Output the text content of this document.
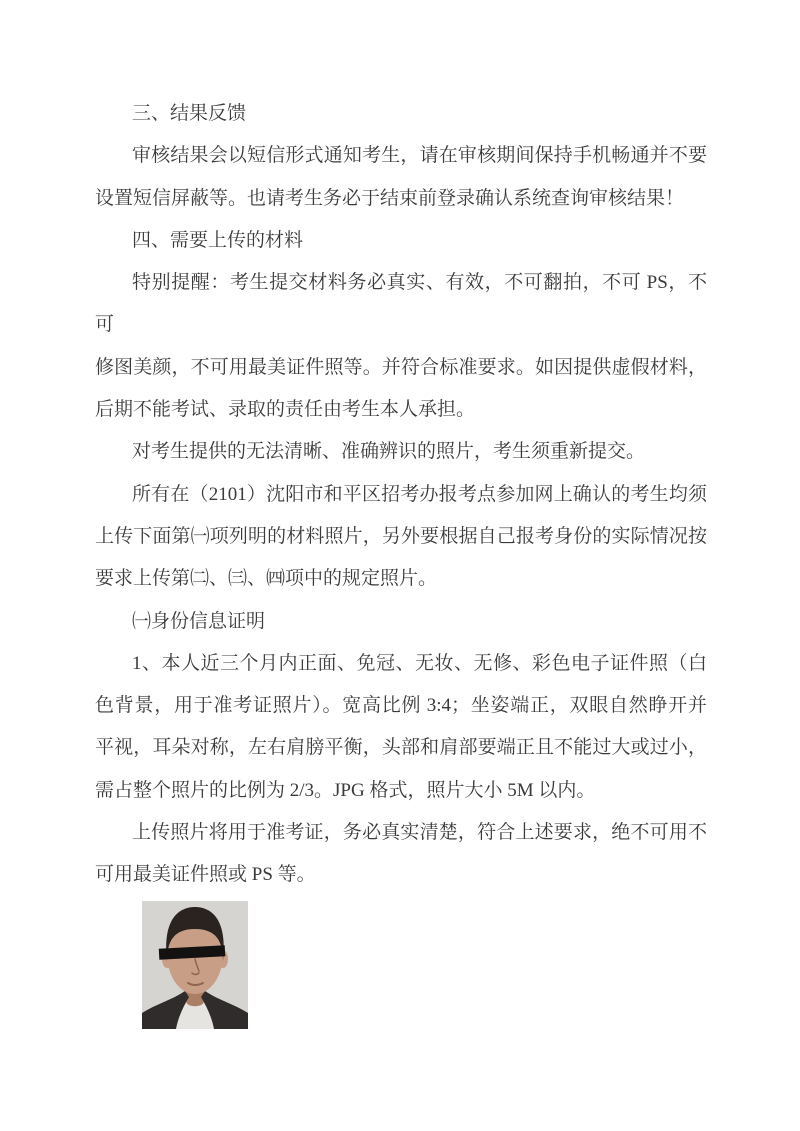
三、结果反馈
审核结果会以短信形式通知考生，请在审核期间保持手机畅通并不要
设置短信屏蔽等。也请考生务必于结束前登录确认系统查询审核结果！
四、需要上传的材料
特别提醒：考生提交材料务必真实、有效，不可翻拍，不可 PS，不可
修图美颜，不可用最美证件照等。并符合标准要求。如因提供虚假材料，
后期不能考试、录取的责任由考生本人承担。
对考生提供的无法清晰、准确辨识的照片，考生须重新提交。
所有在（2101）沈阳市和平区招考办报考点参加网上确认的考生均须
上传下面第㈠项列明的材料照片，另外要根据自己报考身份的实际情况按
要求上传第㈡、㈢、㈣项中的规定照片。
㈠身份信息证明
1、本人近三个月内正面、免冠、无妆、无修、彩色电子证件照（白
色背景，用于准考证照片）。宽高比例 3:4；坐姿端正，双眼自然睁开并
平视，耳朵对称，左右肩膀平衡，头部和肩部要端正且不能过大或过小，
需占整个照片的比例为 2/3。JPG 格式，照片大小 5M 以内。
上传照片将用于准考证，务必真实清楚，符合上述要求，绝不可用不
可用最美证件照或 PS 等。
